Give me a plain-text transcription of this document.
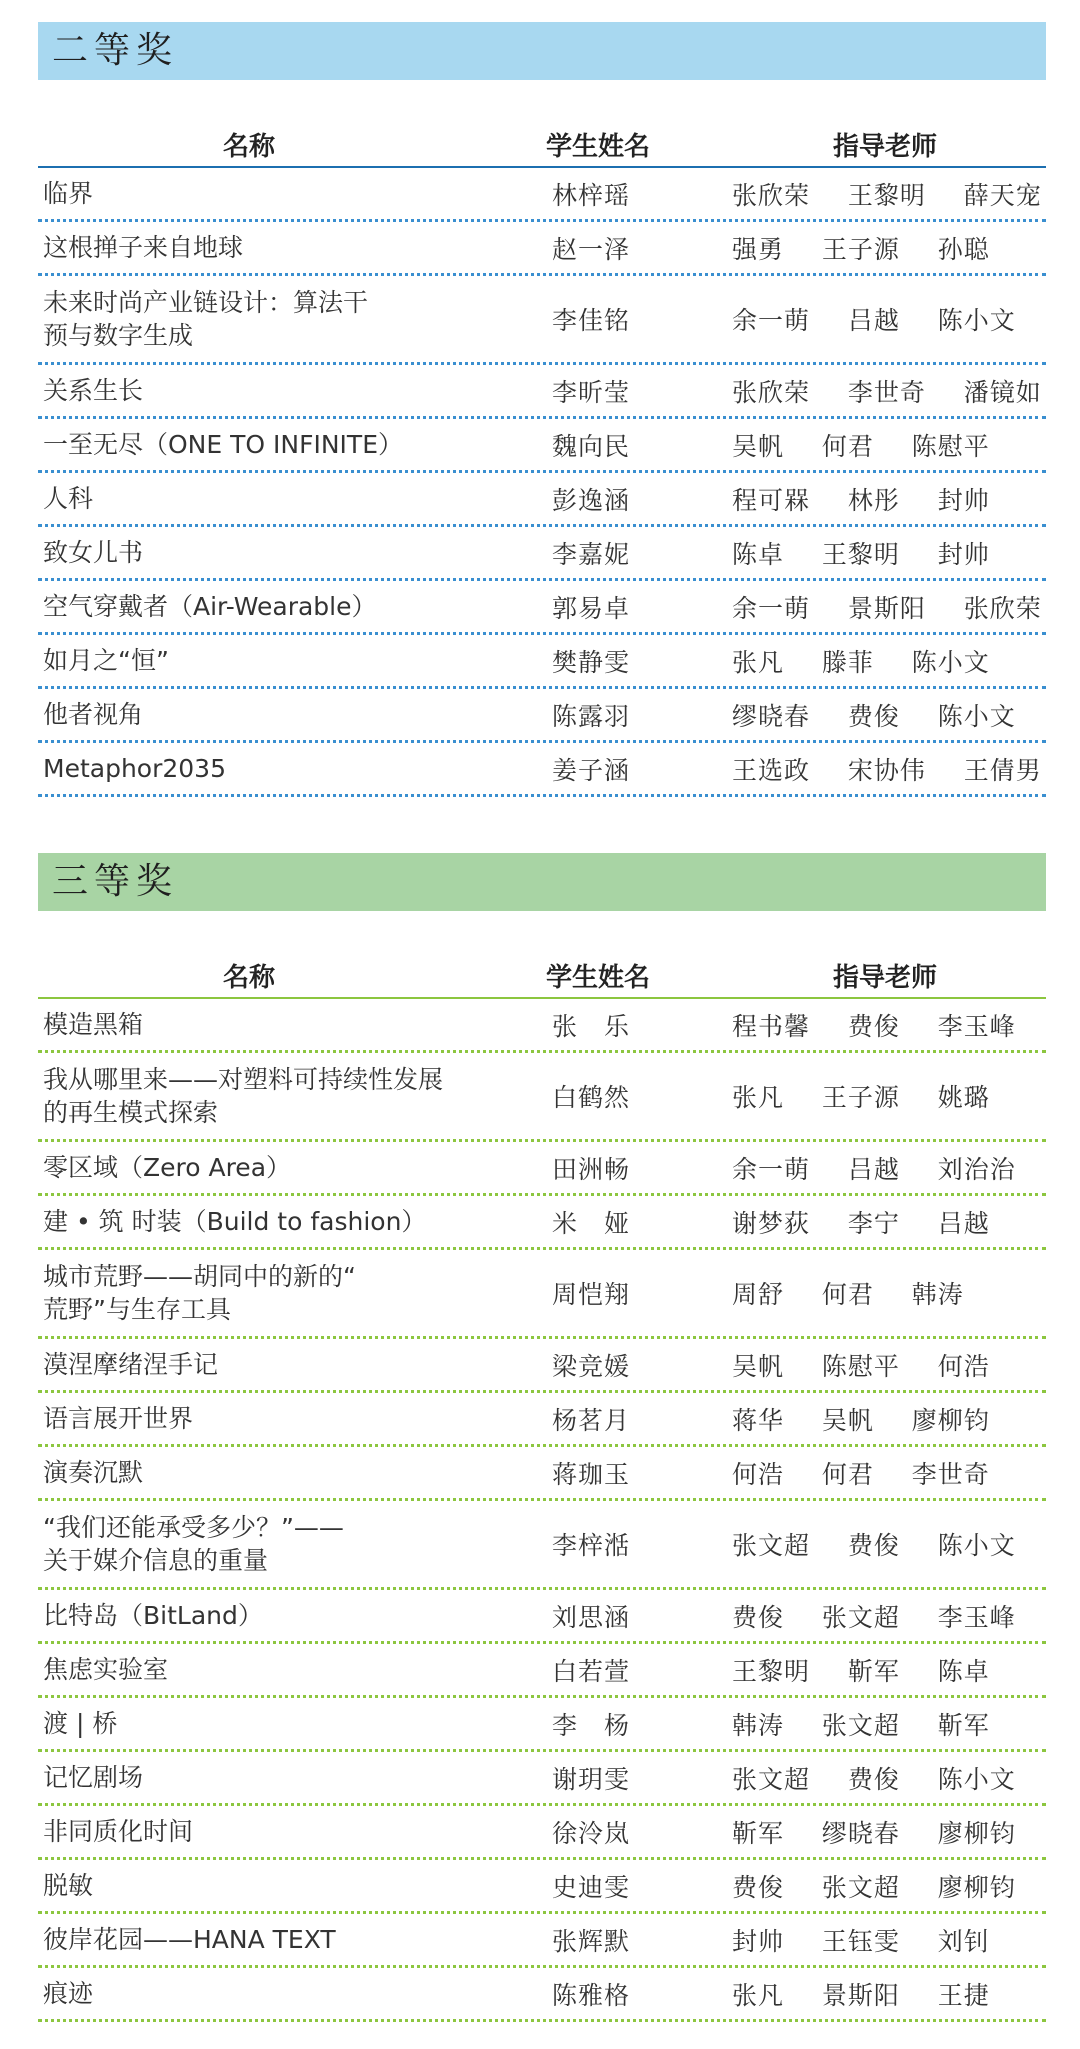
二等奖
名称	学生姓名	指导老师
临界	林梓瑶	张欣荣  王黎明  薛天宠
这根掸子来自地球	赵一泽	强勇  王子源  孙聪
未来时尚产业链设计：算法干
预与数字生成
李佳铭	余一萌  吕越  陈小文
关系生长	李昕莹	张欣荣  李世奇  潘镜如
一至无尽（ONE TO INFINITE）	魏向民	吴帆  何君  陈慰平
人科	彭逸涵	程可槑  林彤  封帅
致女儿书	李嘉妮	陈卓  王黎明  封帅
空气穿戴者（Air-Wearable）	郭易卓	余一萌  景斯阳  张欣荣
如月之“恒”	樊静雯	张凡  滕菲  陈小文
他者视角	陈露羽	缪晓春  费俊  陈小文
Metaphor2035	姜子涵	王选政  宋协伟  王倩男
三等奖
名称	学生姓名	指导老师
模造黑箱	张　乐	程书馨  费俊  李玉峰
我从哪里来——对塑料可持续性发展
的再生模式探索
白鹤然	张凡  王子源  姚璐
零区域（Zero Area）	田洲畅	余一萌  吕越  刘治治
建 • 筑 时装（Build to fashion）	米　娅	谢梦荻  李宁  吕越
城市荒野——胡同中的新的“
荒野”与生存工具
周恺翔	周舒  何君  韩涛
漠涅摩绪涅手记	梁竞媛	吴帆  陈慰平  何浩
语言展开世界	杨茗月	蒋华  吴帆  廖柳钧
演奏沉默	蒋珈玉	何浩  何君  李世奇
“我们还能承受多少？”——
关于媒介信息的重量
李梓湉	张文超  费俊  陈小文
比特岛（BitLand）	刘思涵	费俊  张文超  李玉峰
焦虑实验室	白若萱	王黎明  靳军  陈卓
渡 | 桥	李　杨	韩涛  张文超  靳军
记忆剧场	谢玥雯	张文超  费俊  陈小文
非同质化时间	徐泠岚	靳军  缪晓春  廖柳钧
脱敏	史迪雯	费俊  张文超  廖柳钧
彼岸花园——HANA TEXT	张辉默	封帅  王钰雯  刘钊
痕迹	陈雅格	张凡  景斯阳  王捷
